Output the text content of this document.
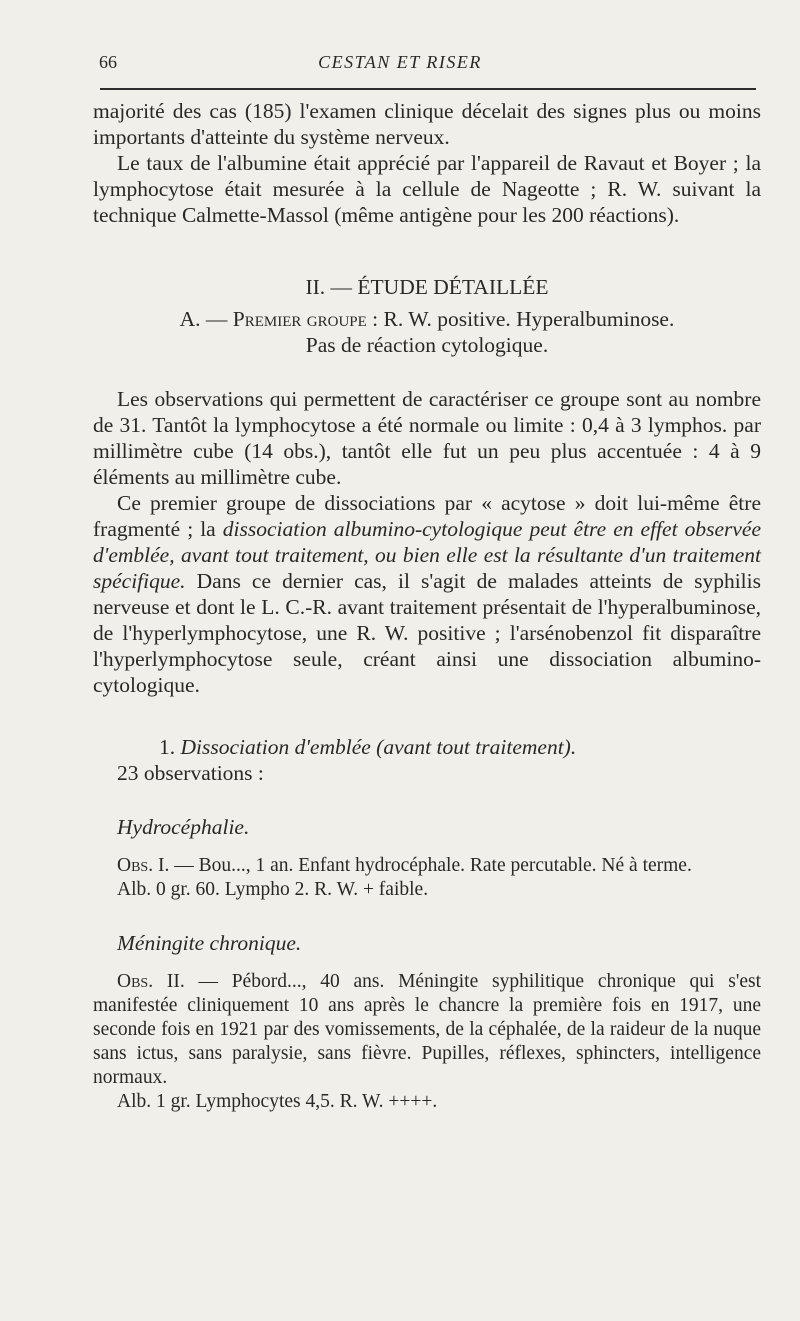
66	CESTAN ET RISER

majorité des cas (185) l'examen clinique décelait des signes plus ou moins importants d'atteinte du système nerveux.

Le taux de l'albumine était apprécié par l'appareil de Ravaut et Boyer ; la lymphocytose était mesurée à la cellule de Nageotte ; R. W. suivant la technique Calmette-Massol (même antigène pour les 200 réactions).

II. — ÉTUDE DÉTAILLÉE

A. — Premier groupe : R. W. positive. Hyperalbuminose.

Pas de réaction cytologique.

Les observations qui permettent de caractériser ce groupe sont au nombre de 31. Tantôt la lymphocytose a été normale ou limite : 0,4 à 3 lymphos. par millimètre cube (14 obs.), tantôt elle fut un peu plus accentuée : 4 à 9 éléments au millimètre cube.

Ce premier groupe de dissociations par « acytose » doit lui-même être fragmenté ; la dissociation albumino-cytologique peut être en effet observée d'emblée, avant tout traitement, ou bien elle est la résultante d'un traitement spécifique. Dans ce dernier cas, il s'agit de malades atteints de syphilis nerveuse et dont le L. C.-R. avant traitement présentait de l'hyperalbuminose, de l'hyperlymphocytose, une R. W. positive ; l'arsénobenzol fit disparaître l'hyperlymphocytose seule, créant ainsi une dissociation albumino-cytologique.

1. Dissociation d'emblée (avant tout traitement).

23 observations :

Hydrocéphalie.

Obs. I. — Bou..., 1 an. Enfant hydrocéphale. Rate percutable. Né à terme.

Alb. 0 gr. 60. Lympho 2. R. W. + faible.

Méningite chronique.

Obs. II. — Pébord..., 40 ans. Méningite syphilitique chronique qui s'est manifestée cliniquement 10 ans après le chancre la première fois en 1917, une seconde fois en 1921 par des vomissements, de la céphalée, de la raideur de la nuque sans ictus, sans paralysie, sans fièvre. Pupilles, réflexes, sphincters, intelligence normaux.

Alb. 1 gr. Lymphocytes 4,5. R. W. ++++.
